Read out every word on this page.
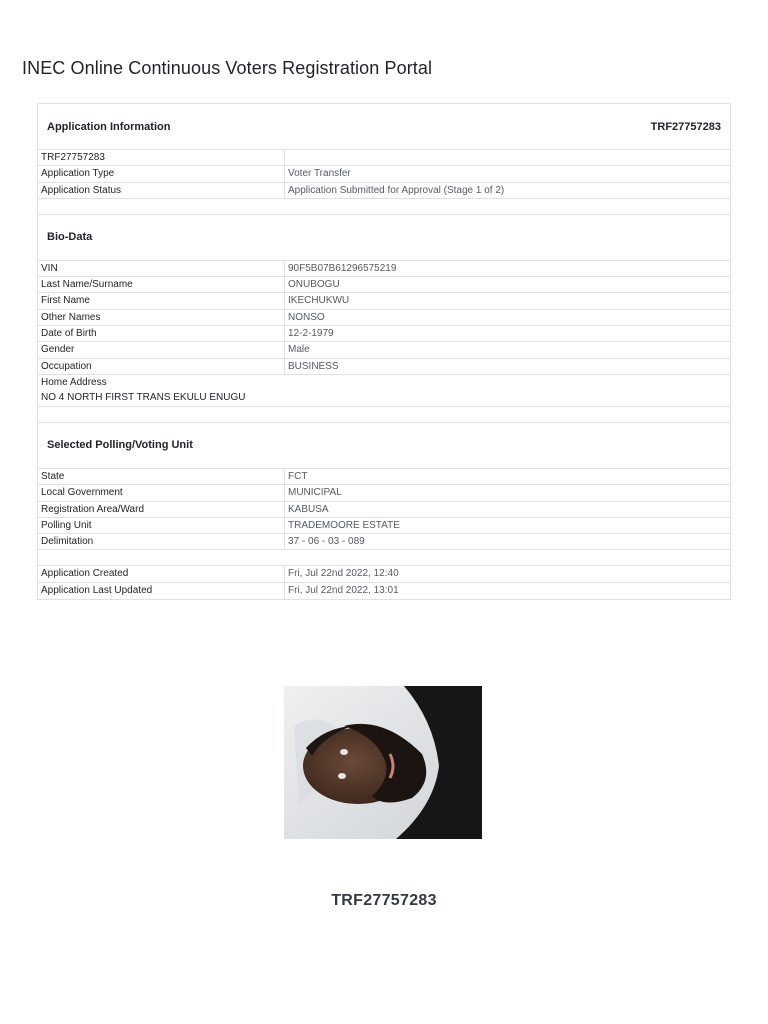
INEC Online Continuous Voters Registration Portal
Application Information	TRF27757283
TRF27757283
Application Type	Voter Transfer
Application Status	Application Submitted for Approval (Stage 1 of 2)
Bio-Data
VIN	90F5B07B61296575219
Last Name/Surname	ONUBOGU
First Name	IKECHUKWU
Other Names	NONSO
Date of Birth	12-2-1979
Gender	Male
Occupation	BUSINESS
Home Address
NO 4 NORTH FIRST TRANS EKULU ENUGU
Selected Polling/Voting Unit
State	FCT
Local Government	MUNICIPAL
Registration Area/Ward	KABUSA
Polling Unit	TRADEMOORE ESTATE
Delimitation	37 - 06 - 03 - 089
Application Created	Fri, Jul 22nd 2022, 12:40
Application Last Updated	Fri, Jul 22nd 2022, 13:01
TRF27757283
